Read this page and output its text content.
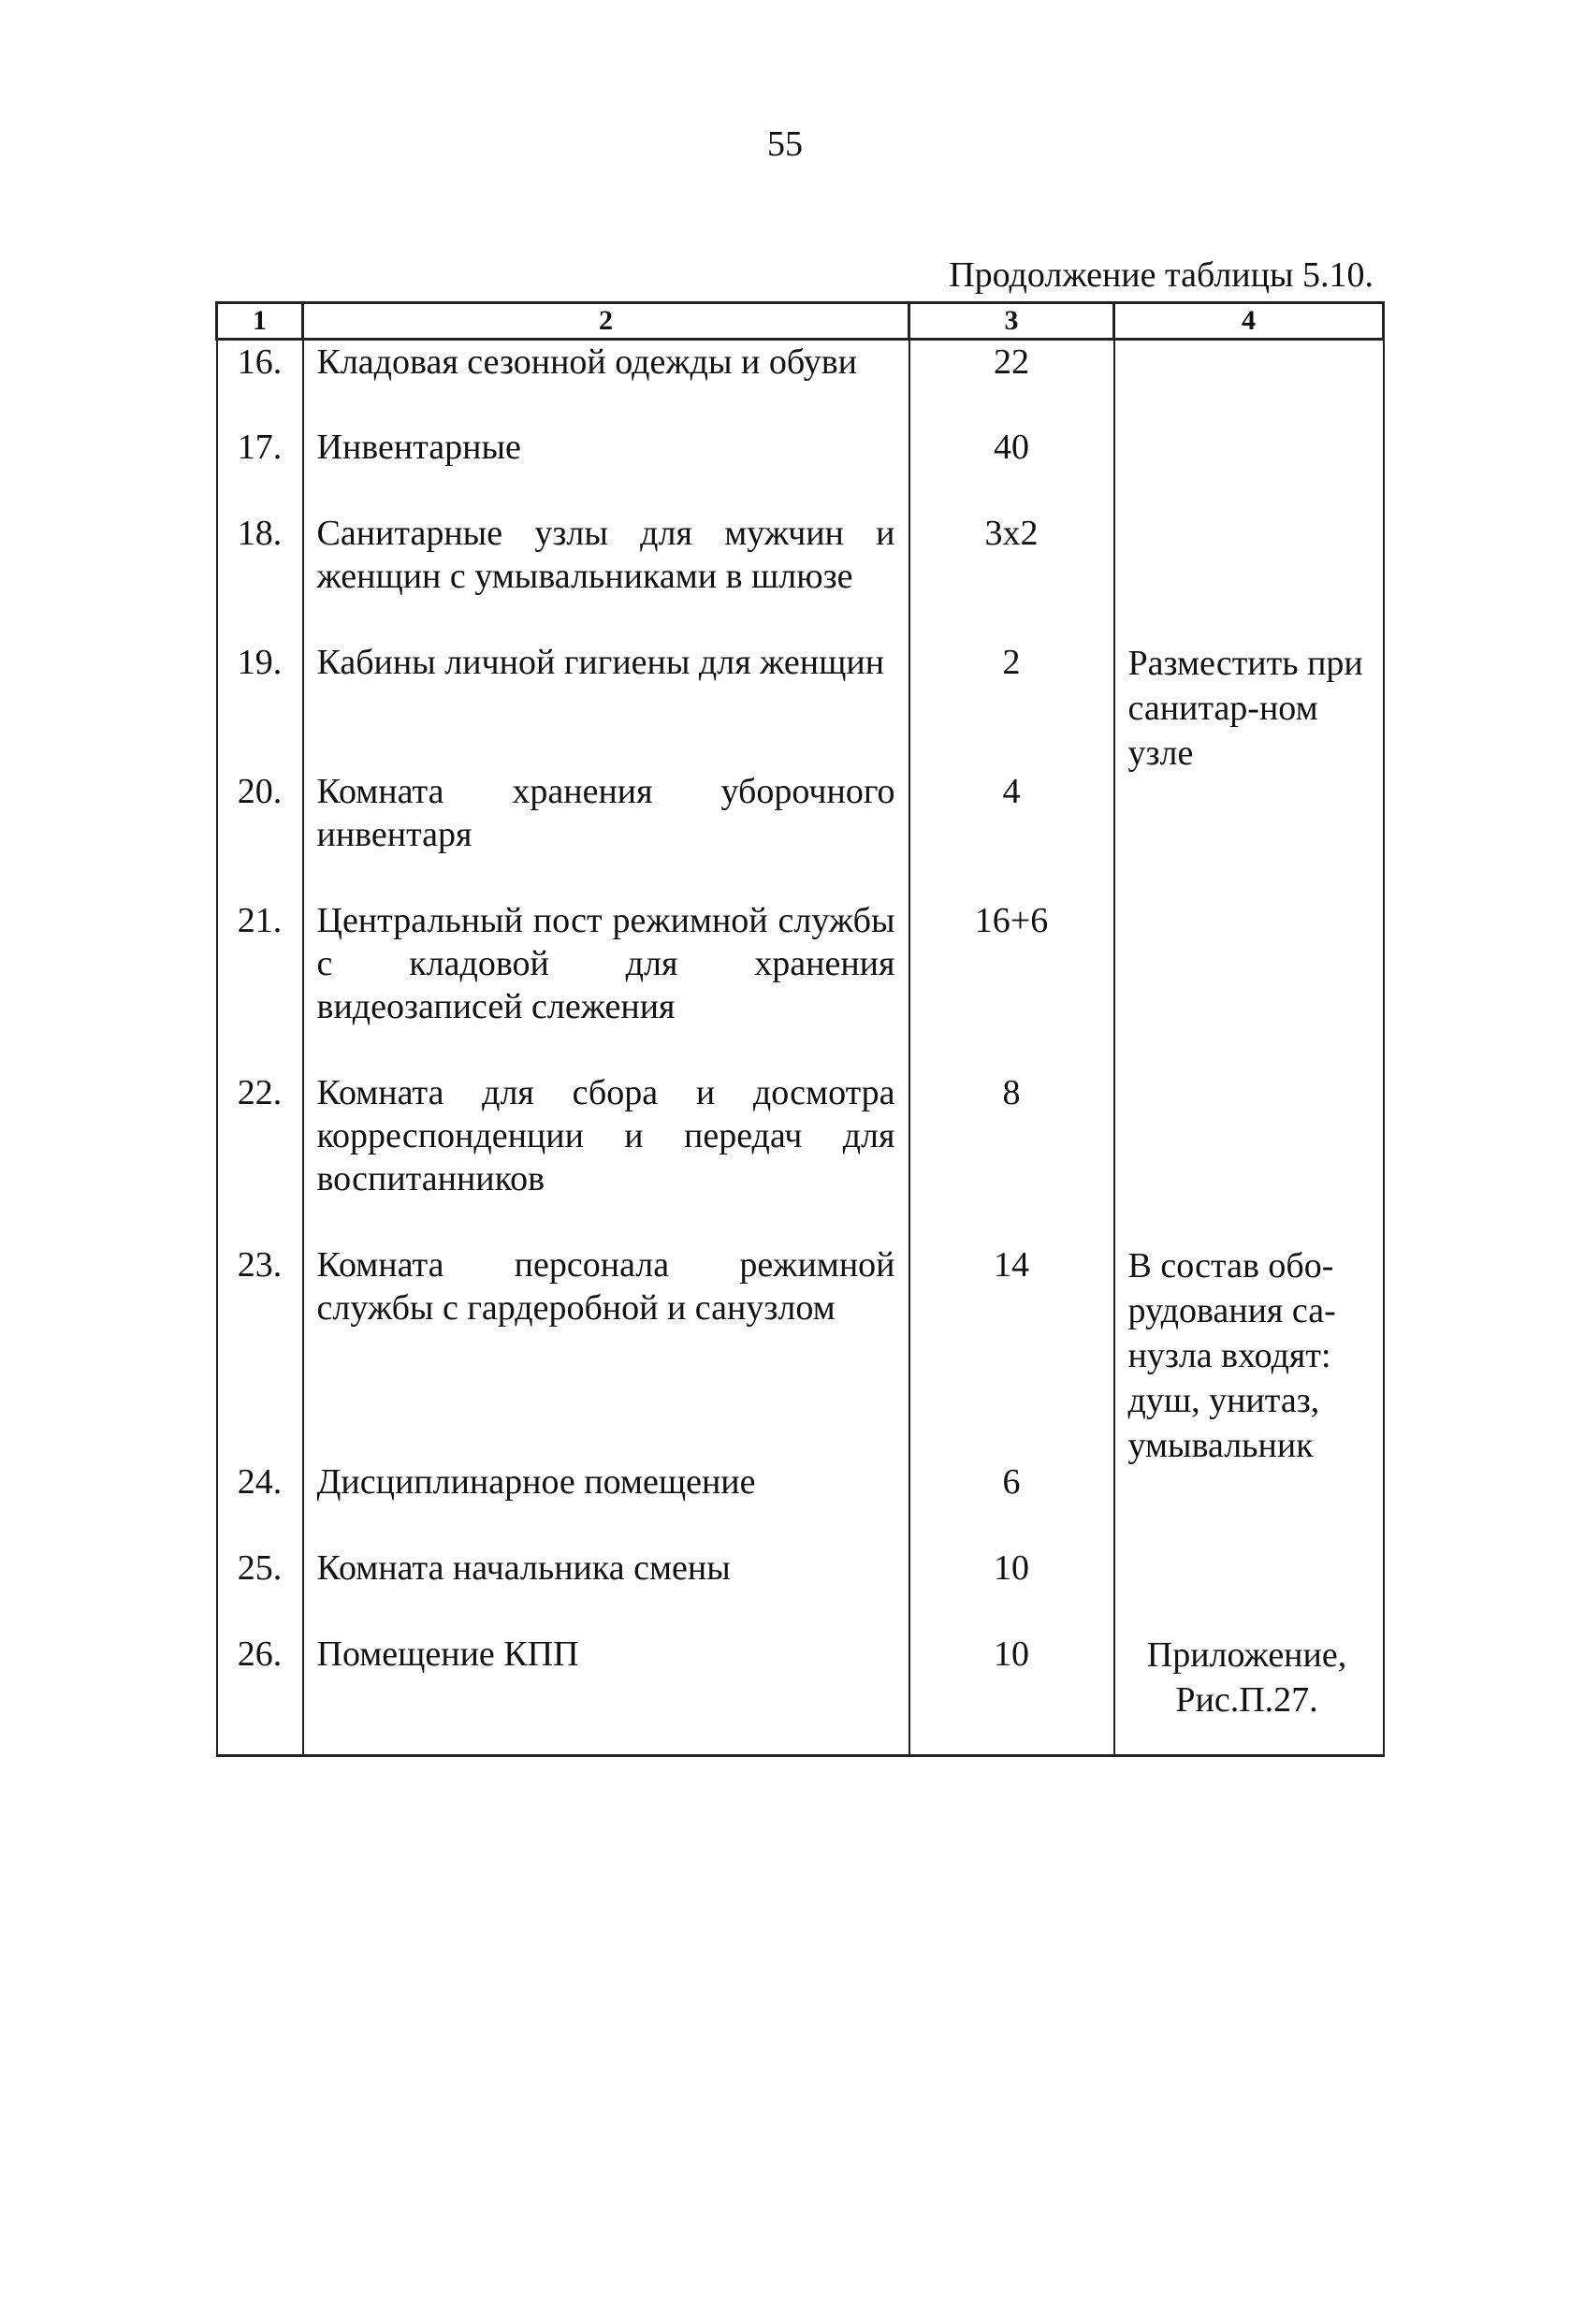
55
Продолжение таблицы 5.10.
1	2	3	4
16.	Кладовая сезонной одежды и обуви	22	
17.	Инвентарные	40	
18.	Санитарные узлы для мужчин и женщин с умывальниками в шлюзе	3x2	
19.	Кабины личной гигиены для женщин	2	Разместить при санитар-ном узле
20.	Комната хранения уборочного инвентаря	4	
21.	Центральный пост режимной службы с кладовой для хранения видеозаписей слежения	16+6	
22.	Комната для сбора и досмотра корреспонденции и передач для воспитанников	8	
23.	Комната персонала режимной службы с гардеробной и санузлом	14	В состав обо-рудования са-нузла входят: душ, унитаз, умывальник
24.	Дисциплинарное помещение	6	
25.	Комната начальника смены	10	
26.	Помещение КПП	10	Приложение, Рис.П.27.
